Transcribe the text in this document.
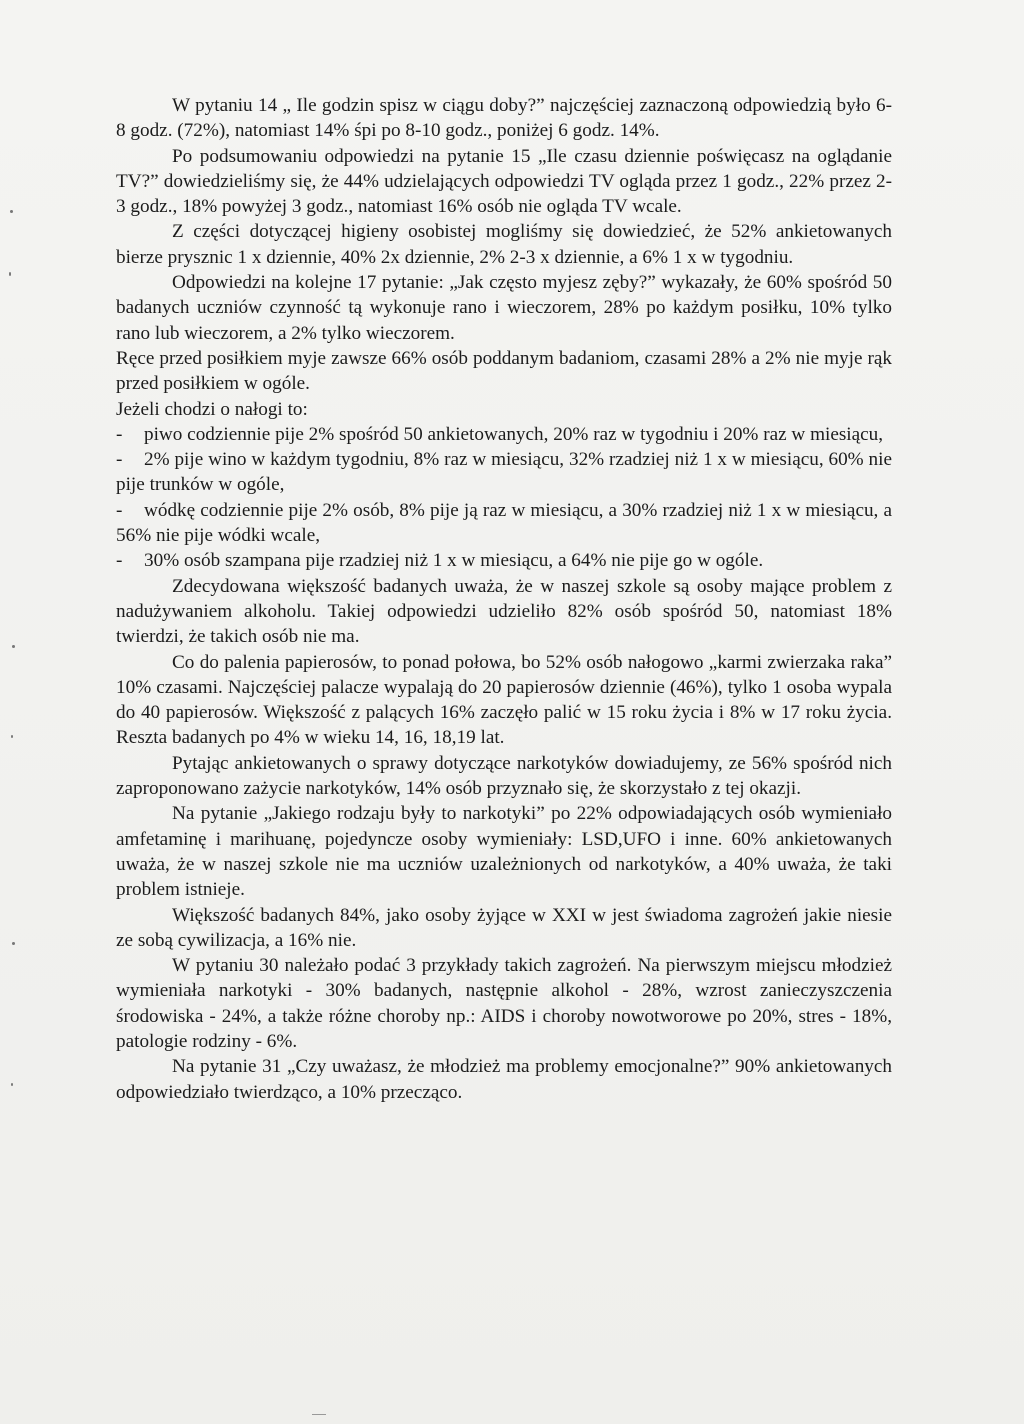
W pytaniu 14 „ Ile godzin spisz w ciągu doby?” najczęściej zaznaczoną odpowiedzią było 6-8 godz. (72%), natomiast 14% śpi po 8-10 godz., poniżej 6 godz. 14%.

Po podsumowaniu odpowiedzi na pytanie 15 „Ile czasu dziennie poświęcasz na oglądanie TV?” dowiedzieliśmy się, że 44% udzielających odpowiedzi TV ogląda przez 1 godz., 22% przez 2-3 godz., 18% powyżej 3 godz., natomiast 16% osób nie ogląda TV wcale.

Z części dotyczącej higieny osobistej mogliśmy się dowiedzieć, że 52% ankietowanych bierze prysznic 1 x dziennie, 40% 2x dziennie, 2% 2-3 x dziennie, a 6% 1 x w tygodniu.

Odpowiedzi na kolejne 17 pytanie: „Jak często myjesz zęby?” wykazały, że 60% spośród 50 badanych uczniów czynność tą wykonuje rano i wieczorem, 28% po każdym posiłku, 10% tylko rano lub wieczorem, a 2% tylko wieczorem.

Ręce przed posiłkiem myje zawsze 66% osób poddanym badaniom, czasami 28% a 2% nie myje rąk przed posiłkiem w ogóle.

Jeżeli chodzi o nałogi to:

- piwo codziennie pije 2% spośród 50 ankietowanych, 20% raz w tygodniu i 20% raz w miesiącu,

- 2% pije wino w każdym tygodniu, 8% raz w miesiącu, 32% rzadziej niż 1 x w miesiącu, 60% nie pije trunków w ogóle,

- wódkę codziennie pije 2% osób, 8% pije ją raz w miesiącu, a 30% rzadziej niż 1 x w miesiącu, a 56% nie pije wódki wcale,

- 30% osób szampana pije rzadziej niż 1 x w miesiącu, a 64% nie pije go w ogóle.

Zdecydowana większość badanych uważa, że w naszej szkole są osoby mające problem z nadużywaniem alkoholu. Takiej odpowiedzi udzieliło 82% osób spośród 50, natomiast 18% twierdzi, że takich osób nie ma.

Co do palenia papierosów, to ponad połowa, bo 52% osób nałogowo „karmi zwierzaka raka” 10% czasami. Najczęściej palacze wypalają do 20 papierosów dziennie (46%), tylko 1 osoba wypala do 40 papierosów. Większość z palących 16% zaczęło palić w 15 roku życia i 8% w 17 roku życia. Reszta badanych po 4% w wieku 14, 16, 18,19 lat.

Pytając ankietowanych o sprawy dotyczące narkotyków dowiadujemy, ze 56% spośród nich zaproponowano zażycie narkotyków, 14% osób przyznało się, że skorzystało z tej okazji.

Na pytanie „Jakiego rodzaju były to narkotyki” po 22% odpowiadających osób wymieniało amfetaminę i marihuanę, pojedyncze osoby wymieniały: LSD,UFO i inne. 60% ankietowanych uważa, że w naszej szkole nie ma uczniów uzależnionych od narkotyków, a 40% uważa, że taki problem istnieje.

Większość badanych 84%, jako osoby żyjące w XXI w jest świadoma zagrożeń jakie niesie ze sobą cywilizacja, a 16% nie.

W pytaniu 30 należało podać 3 przykłady takich zagrożeń. Na pierwszym miejscu młodzież wymieniała narkotyki - 30% badanych, następnie alkohol - 28%, wzrost zanieczyszczenia środowiska - 24%, a także różne choroby np.: AIDS i choroby nowotworowe po 20%, stres - 18%, patologie rodziny - 6%.

Na pytanie 31 „Czy uważasz, że młodzież ma problemy emocjonalne?” 90% ankietowanych odpowiedziało twierdząco, a 10% przecząco.
